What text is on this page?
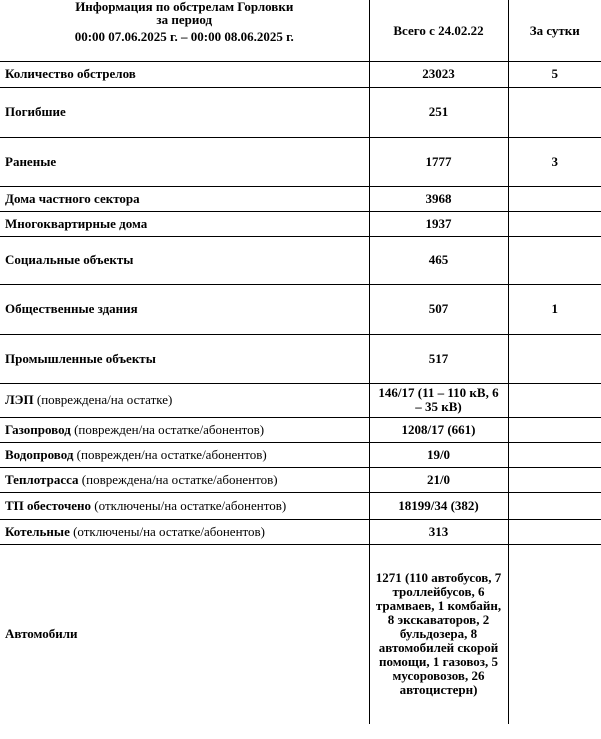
Информация по обстрелам Горловки
за период
00:00 07.06.2025 г. – 00:00 08.06.2025 г.	Всего с 24.02.22	За сутки
Количество обстрелов	23023	5
Погибшие	251	
Раненые	1777	3
Дома частного сектора	3968	
Многоквартирные дома	1937	
Социальные объекты	465	
Общественные здания	507	1
Промышленные объекты	517	
ЛЭП (повреждена/на остатке)	146/17 (11 – 110 кВ, 6 – 35 кВ)	
Газопровод (поврежден/на остатке/абонентов)	1208/17 (661)	
Водопровод (поврежден/на остатке/абонентов)	19/0	
Теплотрасса (повреждена/на остатке/абонентов)	21/0	
ТП обесточено (отключены/на остатке/абонентов)	18199/34 (382)	
Котельные (отключены/на остатке/абонентов)	313	
Автомобили	1271 (110 автобусов, 7 троллейбусов, 6 трамваев, 1 комбайн, 8 экскаваторов, 2 бульдозера, 8 автомобилей скорой помощи, 1 газовоз, 5 мусоровозов, 26 автоцистерн)	
